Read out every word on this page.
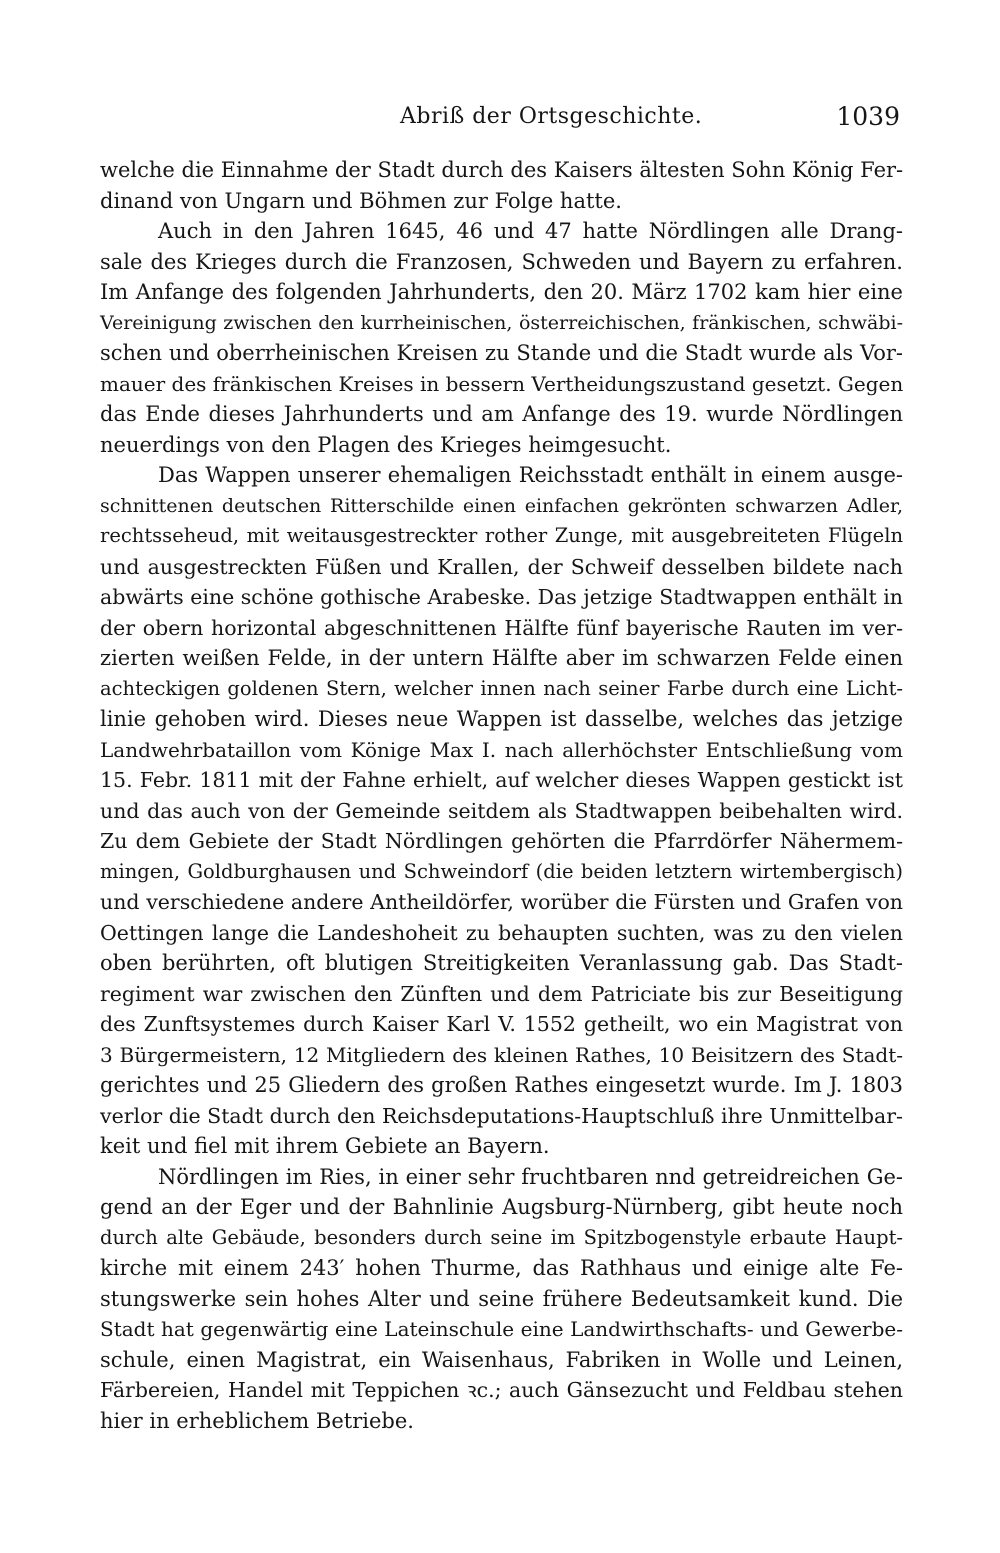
Abriß der Ortsgeschichte.	1039
welche die Einnahme der Stadt durch des Kaisers ältesten Sohn König Fer-
dinand von Ungarn und Böhmen zur Folge hatte.
Auch in den Jahren 1645, 46 und 47 hatte Nördlingen alle Drang-
sale des Krieges durch die Franzosen, Schweden und Bayern zu erfahren.
Im Anfange des folgenden Jahrhunderts, den 20. März 1702 kam hier eine
Vereinigung zwischen den kurrheinischen, österreichischen, fränkischen, schwäbi-
schen und oberrheinischen Kreisen zu Stande und die Stadt wurde als Vor-
mauer des fränkischen Kreises in bessern Vertheidungszustand gesetzt. Gegen
das Ende dieses Jahrhunderts und am Anfange des 19. wurde Nördlingen
neuerdings von den Plagen des Krieges heimgesucht.
Das Wappen unserer ehemaligen Reichsstadt enthält in einem ausge-
schnittenen deutschen Ritterschilde einen einfachen gekrönten schwarzen Adler,
rechtsseheud, mit weitausgestreckter rother Zunge, mit ausgebreiteten Flügeln
und ausgestreckten Füßen und Krallen, der Schweif desselben bildete nach
abwärts eine schöne gothische Arabeske. Das jetzige Stadtwappen enthält in
der obern horizontal abgeschnittenen Hälfte fünf bayerische Rauten im ver-
zierten weißen Felde, in der untern Hälfte aber im schwarzen Felde einen
achteckigen goldenen Stern, welcher innen nach seiner Farbe durch eine Licht-
linie gehoben wird. Dieses neue Wappen ist dasselbe, welches das jetzige
Landwehrbataillon vom Könige Max I. nach allerhöchster Entschließung vom
15. Febr. 1811 mit der Fahne erhielt, auf welcher dieses Wappen gestickt ist
und das auch von der Gemeinde seitdem als Stadtwappen beibehalten wird.
Zu dem Gebiete der Stadt Nördlingen gehörten die Pfarrdörfer Nähermem-
mingen, Goldburghausen und Schweindorf (die beiden letztern wirtembergisch)
und verschiedene andere Antheildörfer, worüber die Fürsten und Grafen von
Oettingen lange die Landeshoheit zu behaupten suchten, was zu den vielen
oben berührten, oft blutigen Streitigkeiten Veranlassung gab. Das Stadt-
regiment war zwischen den Zünften und dem Patriciate bis zur Beseitigung
des Zunftsystemes durch Kaiser Karl V. 1552 getheilt, wo ein Magistrat von
3 Bürgermeistern, 12 Mitgliedern des kleinen Rathes, 10 Beisitzern des Stadt-
gerichtes und 25 Gliedern des großen Rathes eingesetzt wurde. Im J. 1803
verlor die Stadt durch den Reichsdeputations-Hauptschluß ihre Unmittelbar-
keit und fiel mit ihrem Gebiete an Bayern.
Nördlingen im Ries, in einer sehr fruchtbaren nnd getreidreichen Ge-
gend an der Eger und der Bahnlinie Augsburg-Nürnberg, gibt heute noch
durch alte Gebäude, besonders durch seine im Spitzbogenstyle erbaute Haupt-
kirche mit einem 243′ hohen Thurme, das Rathhaus und einige alte Fe-
stungswerke sein hohes Alter und seine frühere Bedeutsamkeit kund. Die
Stadt hat gegenwärtig eine Lateinschule eine Landwirthschafts- und Gewerbe-
schule, einen Magistrat, ein Waisenhaus, Fabriken in Wolle und Leinen,
Färbereien, Handel mit Teppichen ꝛc.; auch Gänsezucht und Feldbau stehen
hier in erheblichem Betriebe.
